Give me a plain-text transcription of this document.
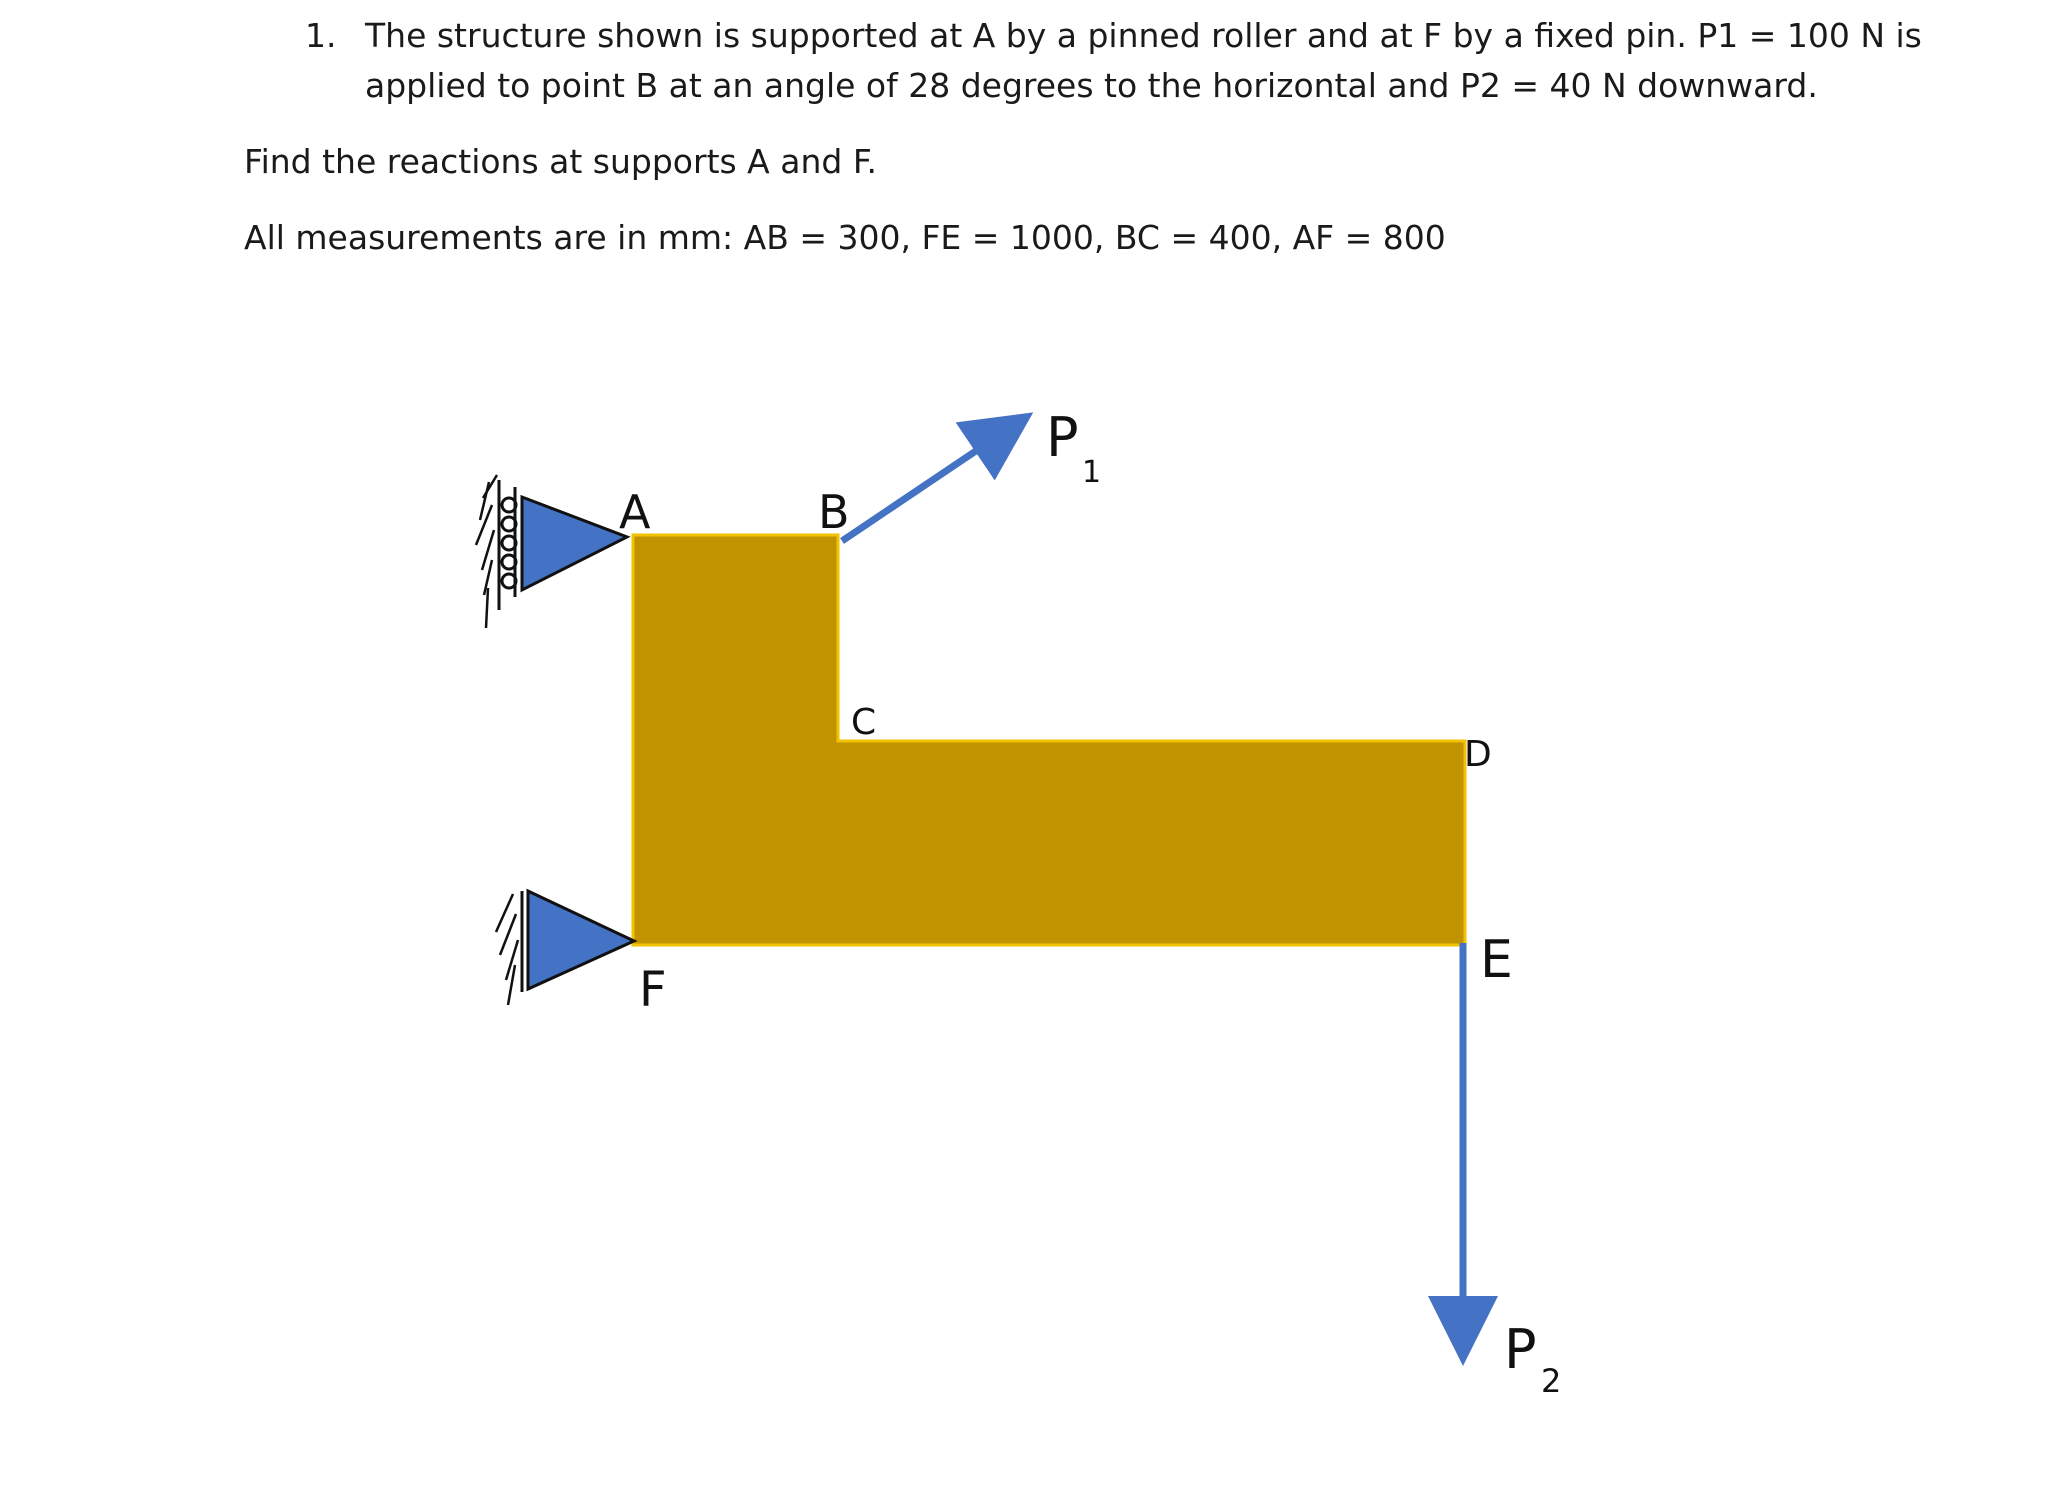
1. The structure shown is supported at A by a pinned roller and at F by a fixed pin. P1 = 100 N is
applied to point B at an angle of 28 degrees to the horizontal and P2 = 40 N downward.
Find the reactions at supports A and F.
All measurements are in mm: AB = 300, FE = 1000, BC = 400, AF = 800
A	B
C
D
E
F
P
1
P 2
